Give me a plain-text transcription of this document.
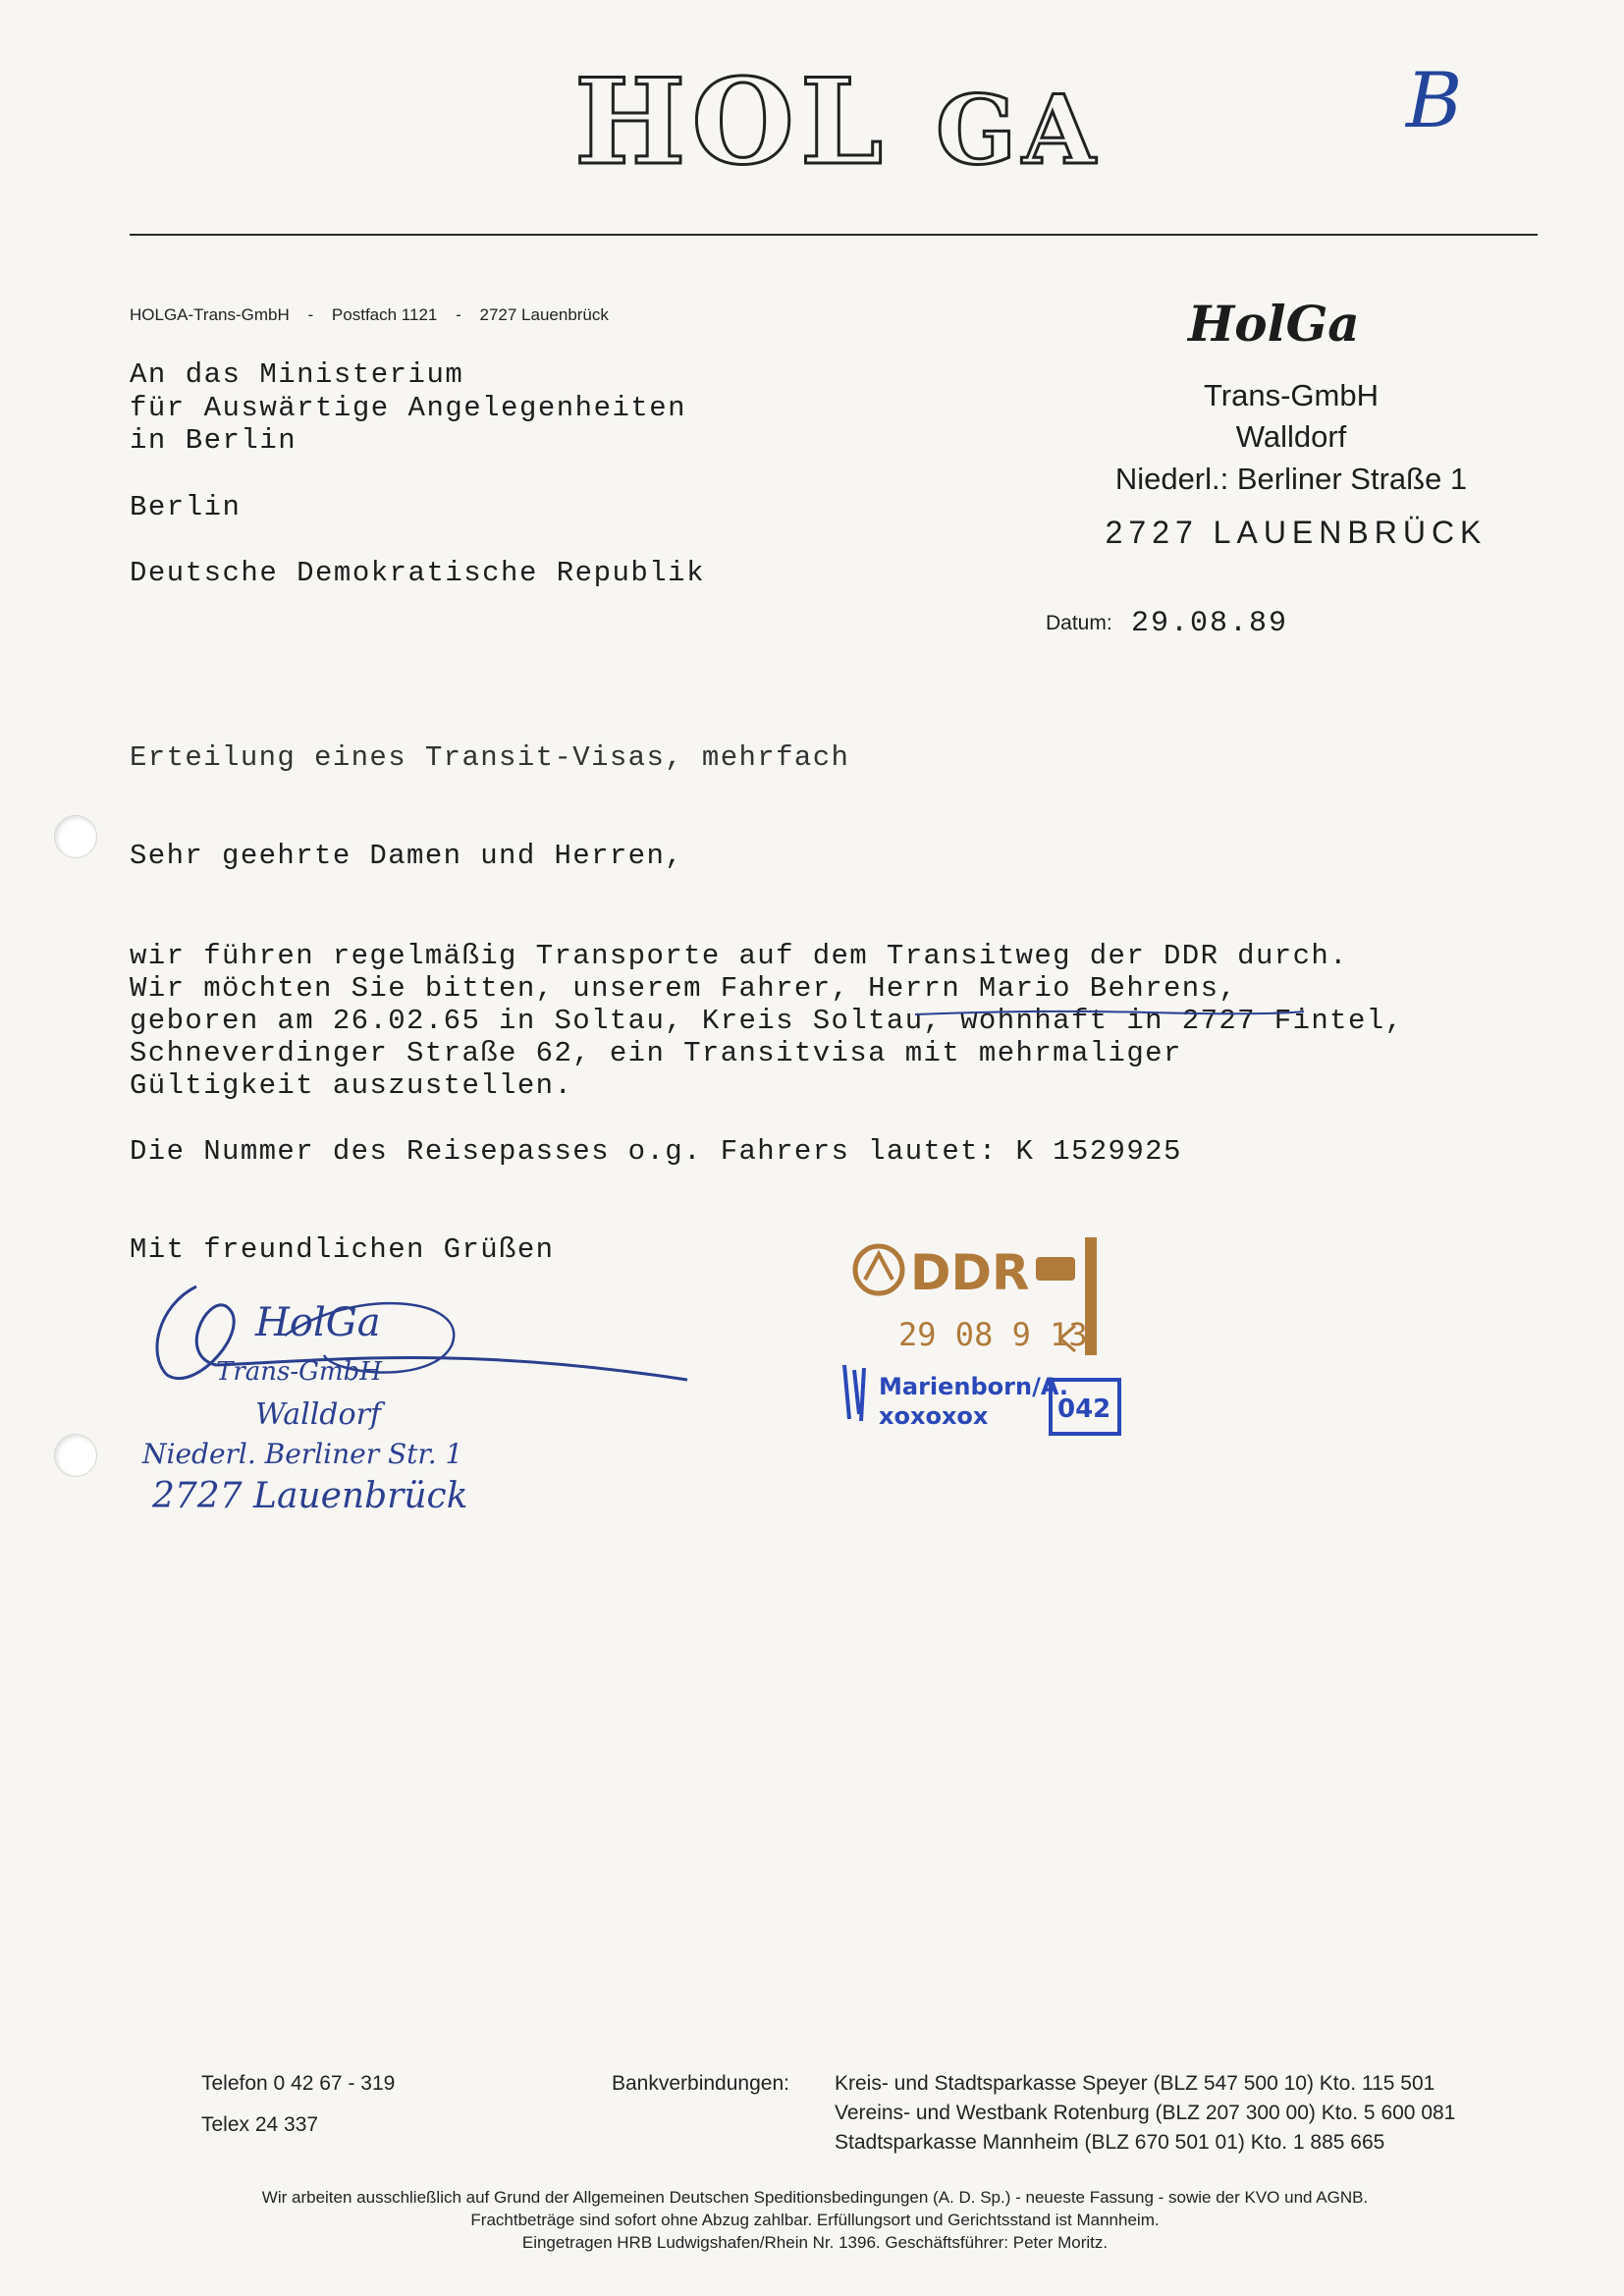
HOL GA	B
HOLGA-Trans-GmbH - Postfach 1121 - 2727 Lauenbrück
An das Ministerium
für Auswärtige Angelegenheiten
in Berlin
Berlin
Deutsche Demokratische Republik
HolGa
Trans-GmbH
Walldorf
Niederl.: Berliner Straße 1
2727 LAUENBRÜCK
Datum: 29.08.89
Erteilung eines Transit-Visas, mehrfach
Sehr geehrte Damen und Herren,
wir führen regelmäßig Transporte auf dem Transitweg der DDR durch.
Wir möchten Sie bitten, unserem Fahrer, Herrn Mario Behrens,
geboren am 26.02.65 in Soltau, Kreis Soltau, wohnhaft in 2727 Fintel,
Schneverdinger Straße 62, ein Transitvisa mit mehrmaliger
Gültigkeit auszustellen.
Die Nummer des Reisepasses o.g. Fahrers lautet: K 1529925
Mit freundlichen Grüßen
HolGa
Trans-GmbH
Walldorf
Niederl. Berliner Str. 1
2727 Lauenbrück
DDR
29 08 9 13
Marienborn/A.
xoxoxox	042
Telefon 0 42 67 - 319
Telex 24 337
Bankverbindungen: Kreis- und Stadtsparkasse Speyer (BLZ 547 500 10) Kto. 115 501
Vereins- und Westbank Rotenburg (BLZ 207 300 00) Kto. 5 600 081
Stadtsparkasse Mannheim (BLZ 670 501 01) Kto. 1 885 665
Wir arbeiten ausschließlich auf Grund der Allgemeinen Deutschen Speditionsbedingungen (A. D. Sp.) - neueste Fassung - sowie der KVO und AGNB.
Frachtbeträge sind sofort ohne Abzug zahlbar. Erfüllungsort und Gerichtsstand ist Mannheim.
Eingetragen HRB Ludwigshafen/Rhein Nr. 1396. Geschäftsführer: Peter Moritz.
